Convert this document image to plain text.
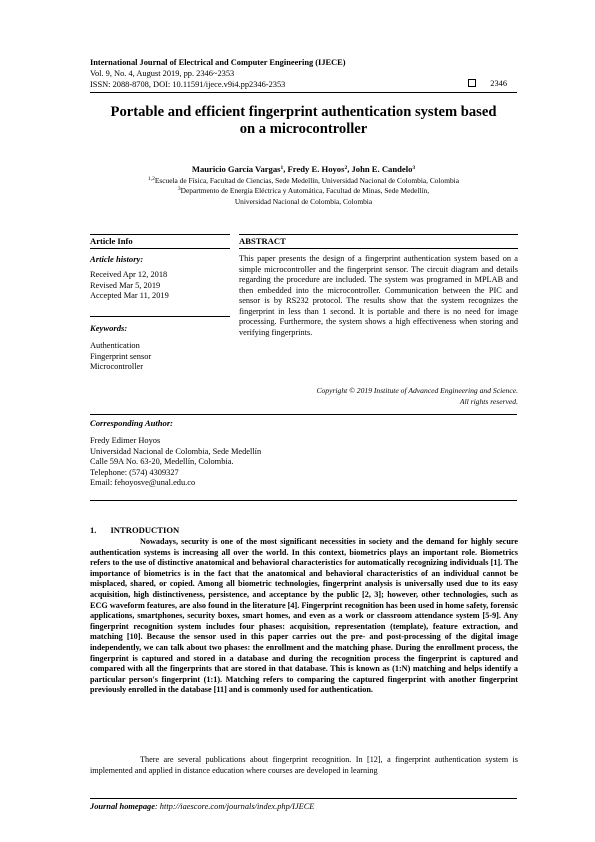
International Journal of Electrical and Computer Engineering (IJECE)
Vol. 9, No. 4, August 2019, pp. 2346~2353
ISSN: 2088-8708, DOI: 10.11591/ijece.v9i4.pp2346-2353	2346
Portable and efficient fingerprint authentication system based
on a microcontroller
Mauricio García Vargas$^1$, Fredy E. Hoyos$^2$, John E. Candelo$^3$
$^{1,2}$Escuela de Física, Facultad de Ciencias, Sede Medellín, Universidad Nacional de Colombia, Colombia
$^3$Departmento de Energía Eléctrica y Automática, Facultad de Minas, Sede Medellín,
Universidad Nacional de Colombia, Colombia
Article Info
Article history:
Received Apr 12, 2018
Revised Mar 5, 2019
Accepted Mar 11, 2019
Keywords:
Authentication
Fingerprint sensor
Microcontroller
ABSTRACT
This paper presents the design of a fingerprint authentication system based on a simple microcontroller and the fingerprint sensor. The circuit diagram and details regarding the procedure are included. The system was programed in MPLAB and then embedded into the microcontroller. Communication between the PIC and sensor is by RS232 protocol. The results show that the system recognizes the fingerprint in less than 1 second. It is portable and there is no need for image processing. Furthermore, the system shows a high effectiveness when storing and verifying fingerprints.
Copyright © 2019 Institute of Advanced Engineering and Science.
All rights reserved.
Corresponding Author:
Fredy Edimer Hoyos
Universidad Nacional de Colombia, Sede Medellín
Calle 59A No. 63-20, Medellín, Colombia.
Telephone: (574) 4309327
Email: fehoyosve@unal.edu.co
1. INTRODUCTION
Nowadays, security is one of the most significant necessities in society and the demand for highly secure authentication systems is increasing all over the world. In this context, biometrics plays an important role. Biometrics refers to the use of distinctive anatomical and behavioral characteristics for automatically recognizing individuals [1]. The importance of biometrics is in the fact that the anatomical and behavioral characteristics of an individual cannot be misplaced, shared, or copied. Among all biometric technologies, fingerprint analysis is universally used due to its easy acquisition, high distinctiveness, persistence, and acceptance by the public [2, 3]; however, other technologies, such as ECG waveform features, are also found in the literature [4]. Fingerprint recognition has been used in home safety, forensic applications, smartphones, security boxes, smart homes, and even as a work or classroom attendance system [5-9]. Any fingerprint recognition system includes four phases: acquisition, representation (template), feature extraction, and matching [10]. Because the sensor used in this paper carries out the pre- and post-processing of the digital image independently, we can talk about two phases: the enrollment and the matching phase. During the enrollment process, the fingerprint is captured and stored in a database and during the recognition process the fingerprint is captured and compared with all the fingerprints that are stored in that database. This is known as (1:N) matching and helps identify a particular person's fingerprint (1:1). Matching refers to comparing the captured fingerprint with another fingerprint previously enrolled in the database [11] and is commonly used for authentication.
There are several publications about fingerprint recognition. In [12], a fingerprint authentication system is implemented and applied in distance education where courses are developed in learning
Journal homepage: http://iaescore.com/journals/index.php/IJECE
